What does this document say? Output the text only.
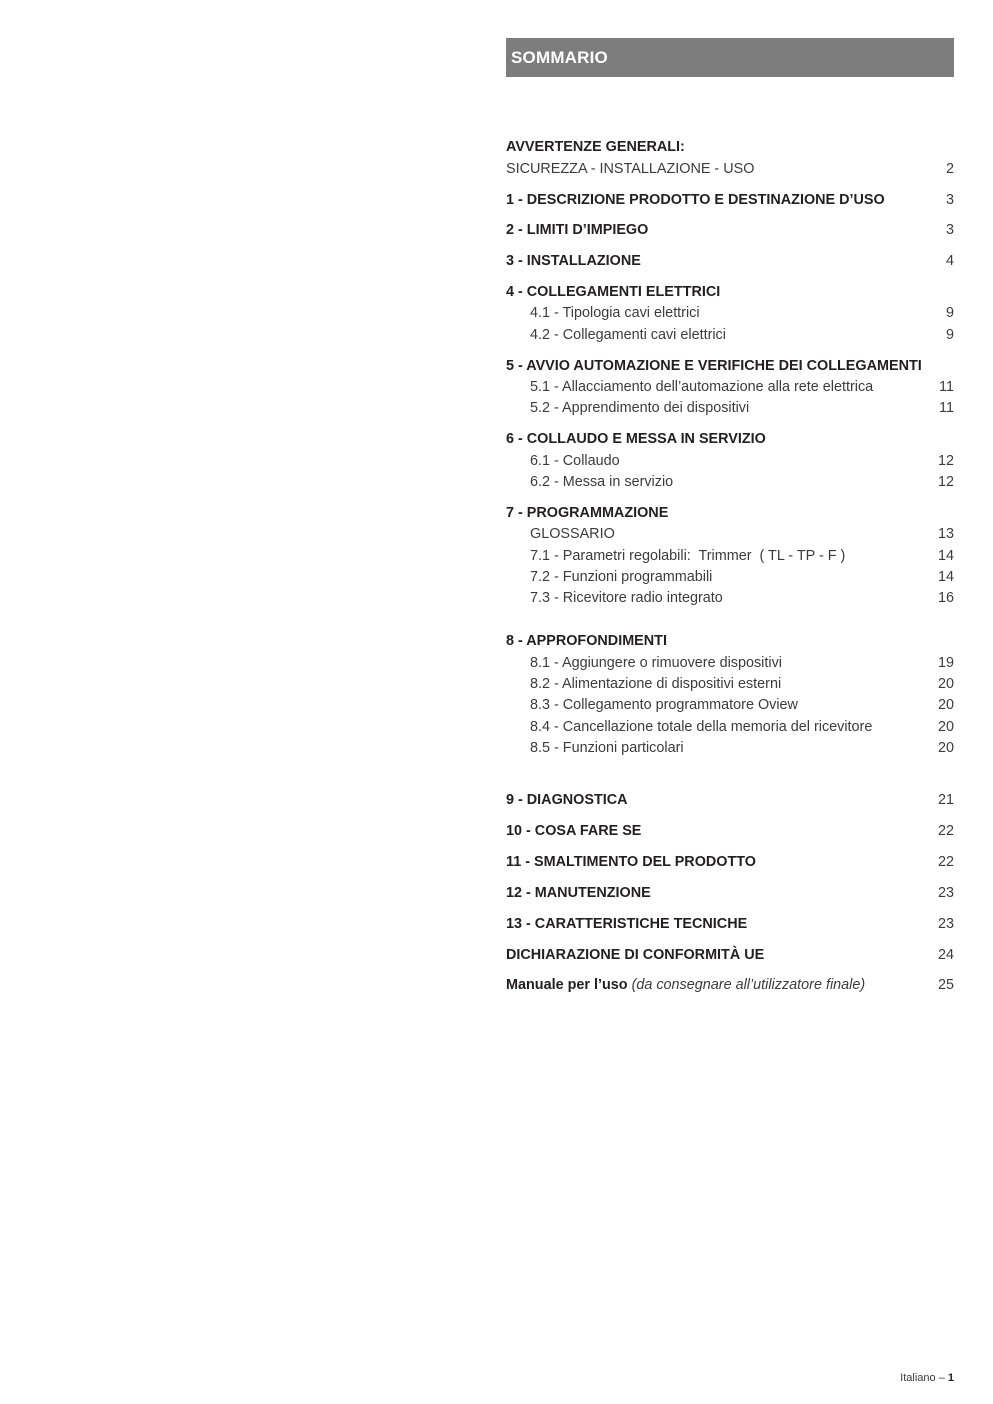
SOMMARIO
AVVERTENZE GENERALI:
SICUREZZA - INSTALLAZIONE - USO	2
1 - DESCRIZIONE PRODOTTO E DESTINAZIONE D’USO	3
2 - LIMITI D’IMPIEGO	3
3 - INSTALLAZIONE	4
4 - COLLEGAMENTI ELETTRICI
4.1 - Tipologia cavi elettrici	9
4.2 - Collegamenti cavi elettrici	9
5 - AVVIO AUTOMAZIONE E VERIFICHE DEI COLLEGAMENTI
5.1 - Allacciamento dell’automazione alla rete elettrica	11
5.2 - Apprendimento dei dispositivi	11
6 - COLLAUDO E MESSA IN SERVIZIO
6.1 - Collaudo	12
6.2 - Messa in servizio	12
7 - PROGRAMMAZIONE
GLOSSARIO	13
7.1 - Parametri regolabili:  Trimmer  ( TL - TP - F )	14
7.2 - Funzioni programmabili	14
7.3 - Ricevitore radio integrato	16
8 - APPROFONDIMENTI
8.1 - Aggiungere o rimuovere dispositivi	19
8.2 - Alimentazione di dispositivi esterni	20
8.3 - Collegamento programmatore Oview	20
8.4 - Cancellazione totale della memoria del ricevitore	20
8.5 - Funzioni particolari	20
9 - DIAGNOSTICA	21
10 - COSA FARE SE	22
11 - SMALTIMENTO DEL PRODOTTO	22
12 - MANUTENZIONE	23
13 - CARATTERISTICHE TECNICHE	23
DICHIARAZIONE DI CONFORMITÀ UE	24
Manuale per l’uso (da consegnare all’utilizzatore finale)	25
Italiano – 1
